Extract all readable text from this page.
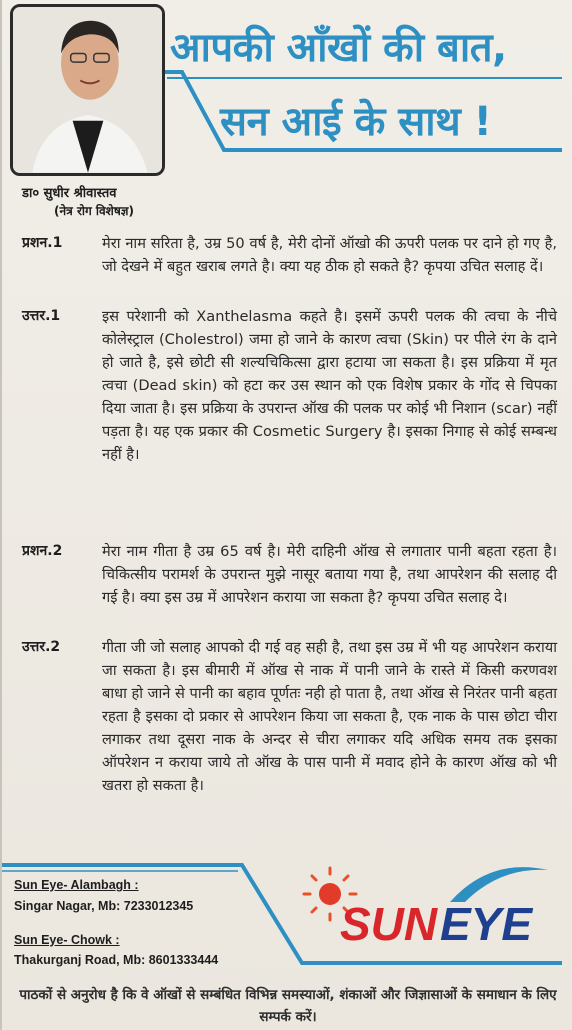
आपकी आँखों की बात,
सन आई के साथ !
डा० सुधीर श्रीवास्तव
(नेत्र रोग विशेषज्ञ)
प्रशन.1	मेरा नाम सरिता है, उम्र 50 वर्ष है, मेरी दोनों ऑखो की ऊपरी पलक पर दाने हो गए है, जो देखने में बहुत खराब लगते है। क्या यह ठीक हो सकते है? कृपया उचित सलाह दें।
उत्तर.1	इस परेशानी को Xanthelasma कहते है। इसमें ऊपरी पलक की त्वचा के नीचे कोलेस्ट्राल (Cholestrol) जमा हो जाने के कारण त्वचा (Skin) पर पीले रंग के दाने हो जाते है, इसे छोटी सी शल्यचिकित्सा द्वारा हटाया जा सकता है। इस प्रक्रिया में मृत त्वचा (Dead skin) को हटा कर उस स्थान को एक विशेष प्रकार के गोंद से चिपका दिया जाता है। इस प्रक्रिया के उपरान्त ऑख की पलक पर कोई भी निशान (scar) नहीं पड़ता है। यह एक प्रकार की Cosmetic Surgery है। इसका निगाह से कोई सम्बन्ध नहीं है।
प्रशन.2	मेरा नाम गीता है उम्र 65 वर्ष है। मेरी दाहिनी ऑख से लगातार पानी बहता रहता है। चिकित्सीय परामर्श के उपरान्त मुझे नासूर बताया गया है, तथा आपरेशन की सलाह दी गई है। क्या इस उम्र में आपरेशन कराया जा सकता है? कृपया उचित सलाह दे।
उत्तर.2	गीता जी जो सलाह आपको दी गई वह सही है, तथा इस उम्र में भी यह आपरेशन कराया जा सकता है। इस बीमारी में ऑख से नाक में पानी जाने के रास्ते में किसी करणवश बाधा हो जाने से पानी का बहाव पूर्णतः नही हो पाता है, तथा ऑख से निरंतर पानी बहता रहता है इसका दो प्रकार से आपरेशन किया जा सकता है, एक नाक के पास छोटा चीरा लगाकर तथा दूसरा नाक के अन्दर से चीरा लगाकर यदि अधिक समय तक इसका ऑपरेशन न कराया जाये तो ऑख के पास पानी में मवाद होने के कारण ऑख को भी खतरा हो सकता है।
Sun Eye- Alambagh :
Singar Nagar, Mb: 7233012345
Sun Eye- Chowk :
Thakurganj Road, Mb: 8601333444
SUN EYE
पाठकों से अनुरोध है कि वे ऑखों से सम्बंधित विभिन्न समस्याओं, शंकाओं और जिज्ञासाओं के समाधान के लिए सम्पर्क करें।
